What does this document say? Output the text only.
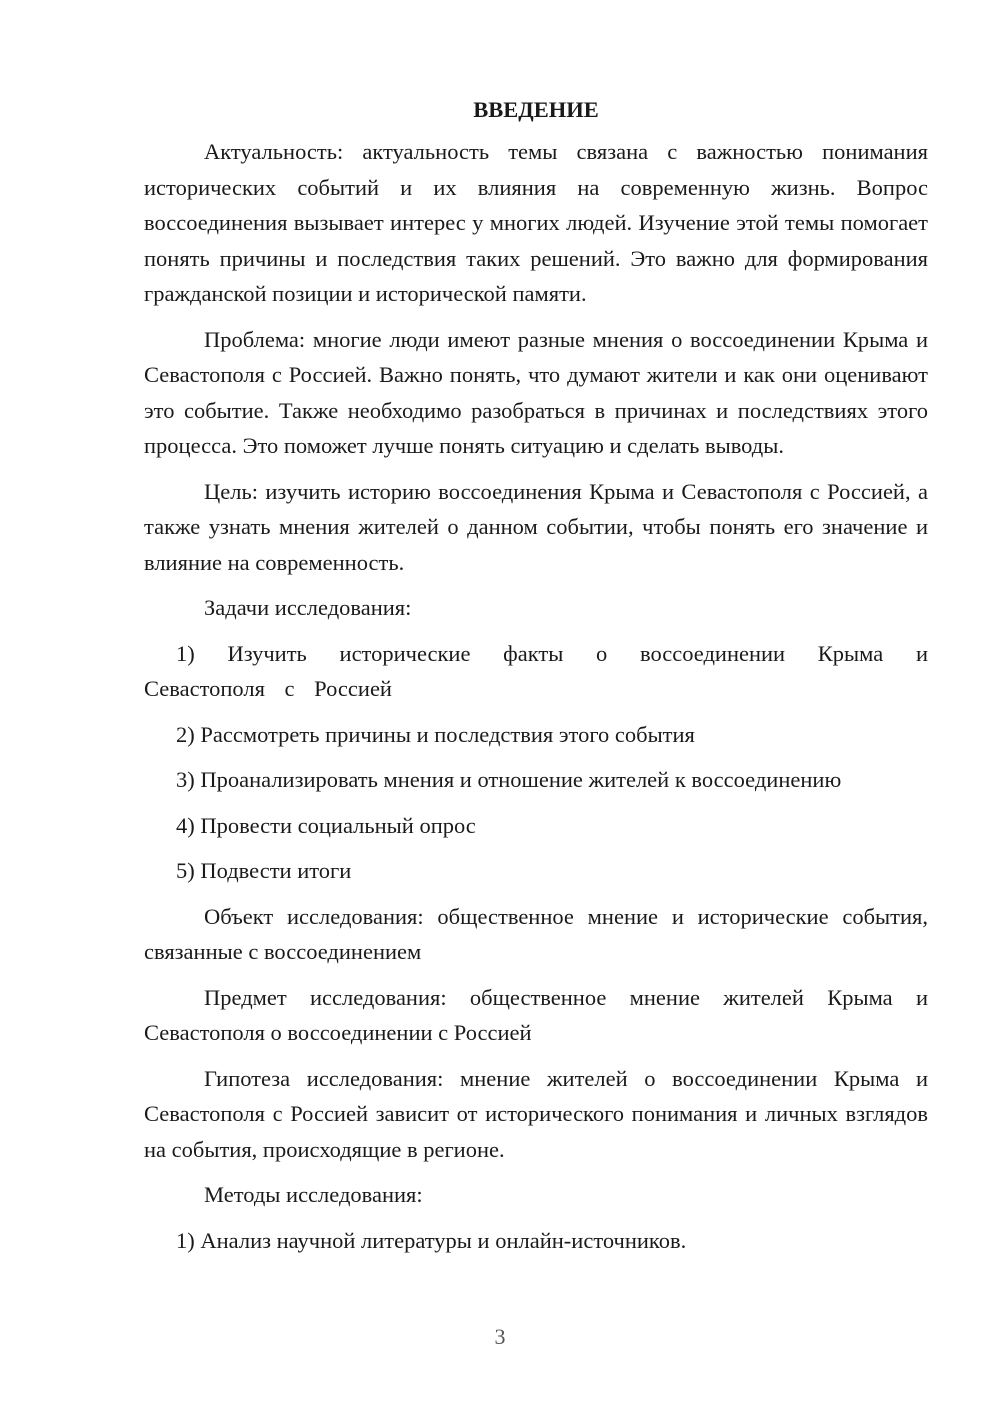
ВВЕДЕНИЕ

Актуальность: актуальность темы связана с важностью понимания исторических событий и их влияния на современную жизнь. Вопрос воссоединения вызывает интерес у многих людей. Изучение этой темы помогает понять причины и последствия таких решений. Это важно для формирования гражданской позиции и исторической памяти.

Проблема: многие люди имеют разные мнения о воссоединении Крыма и Севастополя с Россией. Важно понять, что думают жители и как они оценивают это событие. Также необходимо разобраться в причинах и последствиях этого процесса. Это поможет лучше понять ситуацию и сделать выводы.

Цель: изучить историю воссоединения Крыма и Севастополя с Россией, а также узнать мнения жителей о данном событии, чтобы понять его значение и влияние на современность.

Задачи исследования:

1) Изучить исторические факты о воссоединении Крыма и Севастополя с Россией

2) Рассмотреть причины и последствия этого события

3) Проанализировать мнения и отношение жителей к воссоединению

4) Провести социальный опрос

5) Подвести итоги

Объект исследования: общественное мнение и исторические события, связанные с воссоединением

Предмет исследования: общественное мнение жителей Крыма и Севастополя о воссоединении с Россией

Гипотеза исследования: мнение жителей о воссоединении Крыма и Севастополя с Россией зависит от исторического понимания и личных взглядов на события, происходящие в регионе.

Методы исследования:

1) Анализ научной литературы и онлайн-источников.

3
